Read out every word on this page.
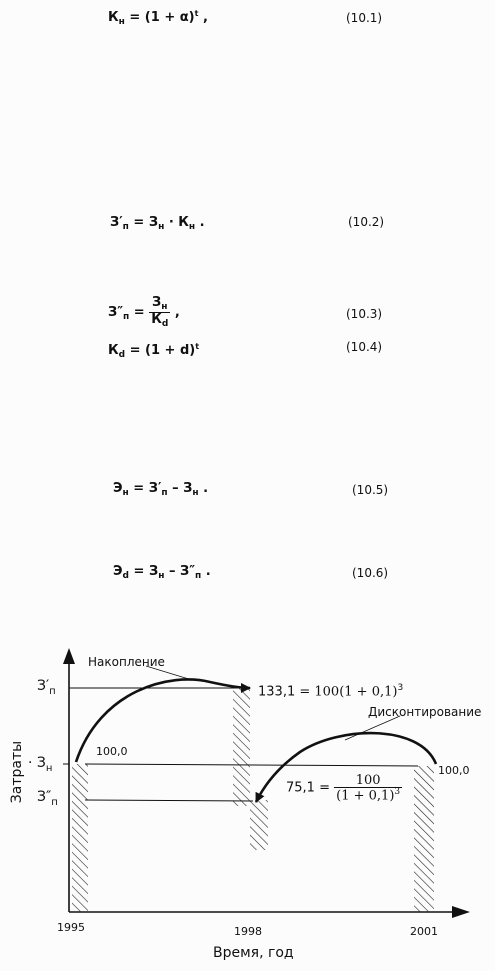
$К_н = (1 + \alpha)^t$ ,	(10.1)
$З'_п = З_н \cdot К_н$ .	(10.2)
$З''_п = \frac{З_н}{К_d}$ ,	(10.3)
$К_d = (1 + d)^t$	(10.4)
$Э_н = З'_п - З_н$ .	(10.5)
$Э_d = З_н - З''_п$ .	(10.6)
Затраты
$З'_п$
· $З_н$
$З''_п$
1995	1998	2001
Время, год
Накопление
Дисконтирование
100,0
100,0
$133,1 = 100(1 + 0,1)^3$
$75,1 = \frac{100}{(1 + 0,1)^3}$
